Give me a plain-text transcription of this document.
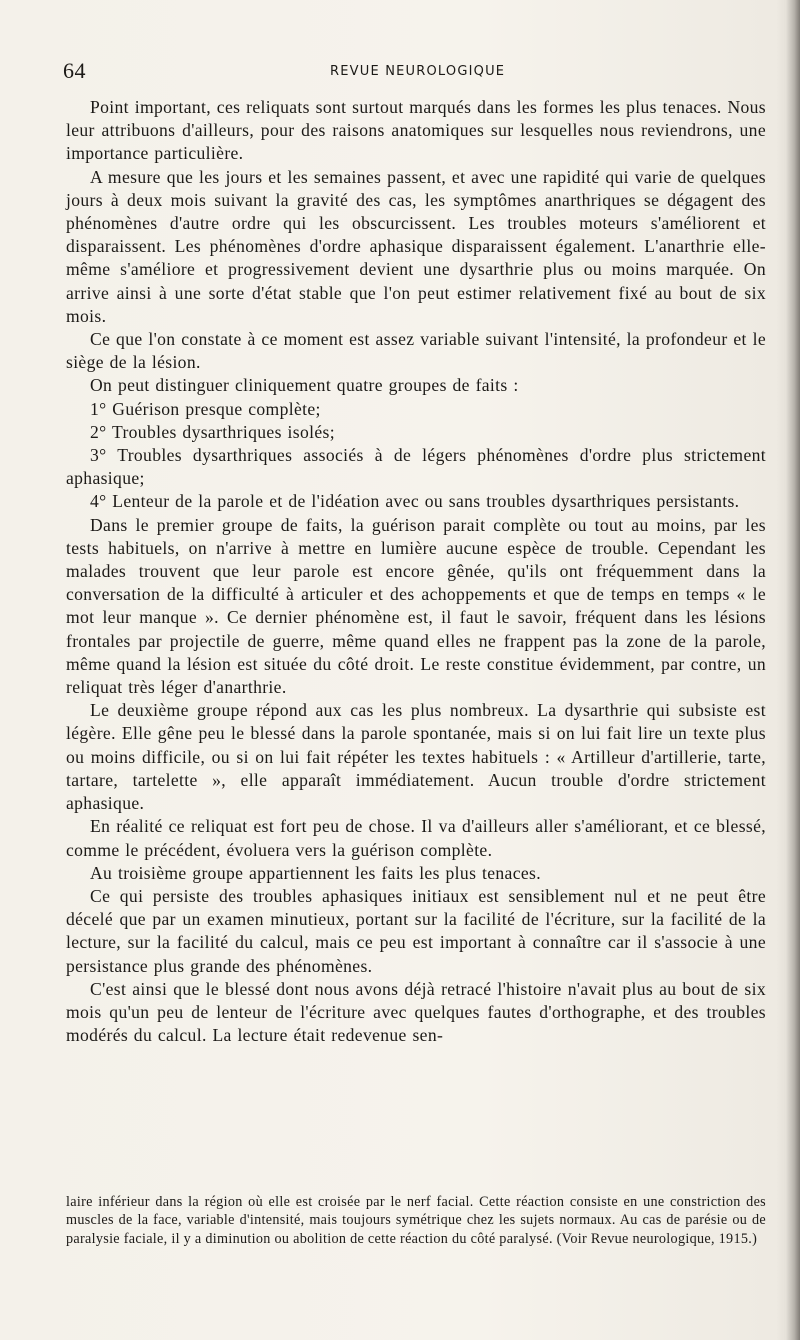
64	REVUE NEUROLOGIQUE

Point important, ces reliquats sont surtout marqués dans les formes les plus tenaces. Nous leur attribuons d'ailleurs, pour des raisons anatomiques sur lesquelles nous reviendrons, une importance particulière.

A mesure que les jours et les semaines passent, et avec une rapidité qui varie de quelques jours à deux mois suivant la gravité des cas, les symptômes anarthriques se dégagent des phénomènes d'autre ordre qui les obscurcissent. Les troubles moteurs s'améliorent et disparaissent. Les phénomènes d'ordre aphasique disparaissent également. L'anarthrie elle-même s'améliore et progressivement devient une dysarthrie plus ou moins marquée. On arrive ainsi à une sorte d'état stable que l'on peut estimer relativement fixé au bout de six mois.

Ce que l'on constate à ce moment est assez variable suivant l'intensité, la profondeur et le siège de la lésion.

On peut distinguer cliniquement quatre groupes de faits :

1° Guérison presque complète;

2° Troubles dysarthriques isolés;

3° Troubles dysarthriques associés à de légers phénomènes d'ordre plus strictement aphasique;

4° Lenteur de la parole et de l'idéation avec ou sans troubles dysarthriques persistants.

Dans le premier groupe de faits, la guérison parait complète ou tout au moins, par les tests habituels, on n'arrive à mettre en lumière aucune espèce de trouble. Cependant les malades trouvent que leur parole est encore gênée, qu'ils ont fréquemment dans la conversation de la difficulté à articuler et des achoppements et que de temps en temps « le mot leur manque ». Ce dernier phénomène est, il faut le savoir, fréquent dans les lésions frontales par projectile de guerre, même quand elles ne frappent pas la zone de la parole, même quand la lésion est située du côté droit. Le reste constitue évidemment, par contre, un reliquat très léger d'anarthrie.

Le deuxième groupe répond aux cas les plus nombreux. La dysarthrie qui subsiste est légère. Elle gêne peu le blessé dans la parole spontanée, mais si on lui fait lire un texte plus ou moins difficile, ou si on lui fait répéter les textes habituels : « Artilleur d'artillerie, tarte, tartare, tartelette », elle apparaît immédiatement. Aucun trouble d'ordre strictement aphasique.

En réalité ce reliquat est fort peu de chose. Il va d'ailleurs aller s'améliorant, et ce blessé, comme le précédent, évoluera vers la guérison complète.

Au troisième groupe appartiennent les faits les plus tenaces.

Ce qui persiste des troubles aphasiques initiaux est sensiblement nul et ne peut être décelé que par un examen minutieux, portant sur la facilité de l'écriture, sur la facilité de la lecture, sur la facilité du calcul, mais ce peu est important à connaître car il s'associe à une persistance plus grande des phénomènes.

C'est ainsi que le blessé dont nous avons déjà retracé l'histoire n'avait plus au bout de six mois qu'un peu de lenteur de l'écriture avec quelques fautes d'orthographe, et des troubles modérés du calcul. La lecture était redevenue sen-

laire inférieur dans la région où elle est croisée par le nerf facial. Cette réaction consiste en une constriction des muscles de la face, variable d'intensité, mais toujours symétrique chez les sujets normaux. Au cas de parésie ou de paralysie faciale, il y a diminution ou abolition de cette réaction du côté paralysé. (Voir Revue neurologique, 1915.)
